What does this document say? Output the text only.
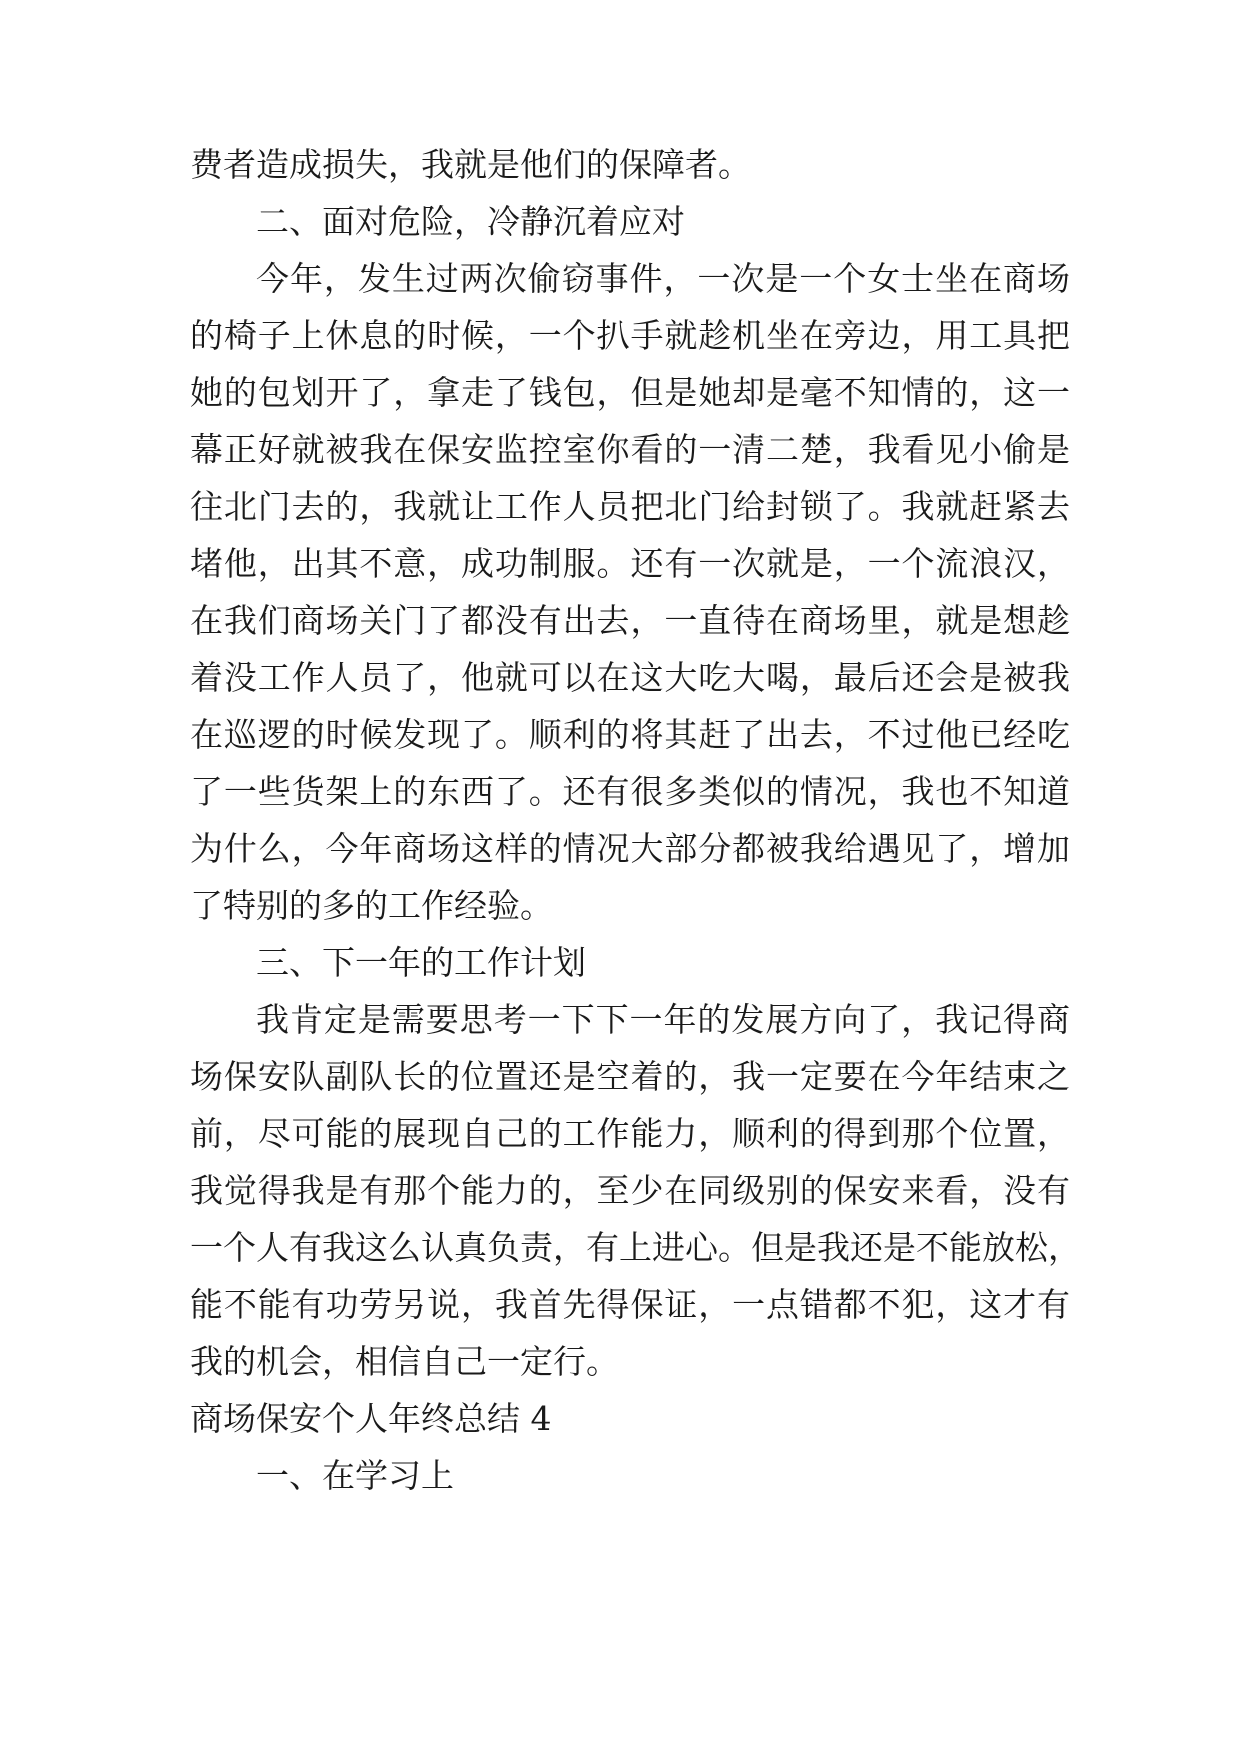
费者造成损失，我就是他们的保障者。

二、面对危险，冷静沉着应对

今年，发生过两次偷窃事件，一次是一个女士坐在商场

的椅子上休息的时候，一个扒手就趁机坐在旁边，用工具把

她的包划开了，拿走了钱包，但是她却是毫不知情的，这一

幕正好就被我在保安监控室你看的一清二楚，我看见小偷是

往北门去的，我就让工作人员把北门给封锁了。我就赶紧去

堵他，出其不意，成功制服。还有一次就是，一个流浪汉，

在我们商场关门了都没有出去，一直待在商场里，就是想趁

着没工作人员了，他就可以在这大吃大喝，最后还会是被我

在巡逻的时候发现了。顺利的将其赶了出去，不过他已经吃

了一些货架上的东西了。还有很多类似的情况，我也不知道

为什么，今年商场这样的情况大部分都被我给遇见了，增加

了特别的多的工作经验。

三、下一年的工作计划

我肯定是需要思考一下下一年的发展方向了，我记得商

场保安队副队长的位置还是空着的，我一定要在今年结束之

前，尽可能的展现自己的工作能力，顺利的得到那个位置，

我觉得我是有那个能力的，至少在同级别的保安来看，没有

一个人有我这么认真负责，有上进心。但是我还是不能放松，

能不能有功劳另说，我首先得保证，一点错都不犯，这才有

我的机会，相信自己一定行。

商场保安个人年终总结 4

一、在学习上
